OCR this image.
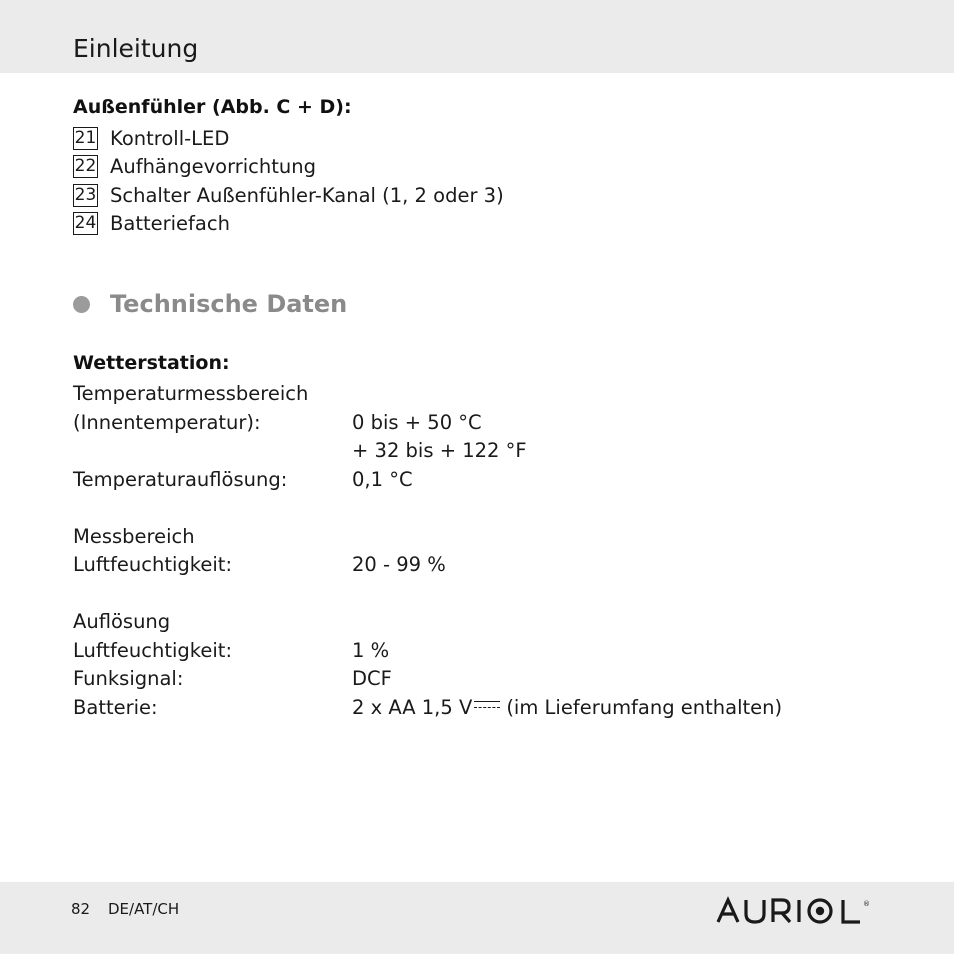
Einleitung
Außenfühler (Abb. C + D):
21 Kontroll-LED
22 Aufhängevorrichtung
23 Schalter Außenfühler-Kanal (1, 2 oder 3)
24 Batteriefach
Technische Daten
Wetterstation:
Temperaturmessbereich
(Innentemperatur):	0 bis + 50 °C
+ 32 bis + 122 °F
Temperaturauflösung:	0,1 °C
Messbereich
Luftfeuchtigkeit:	20 - 99 %
Auflösung
Luftfeuchtigkeit:	1 %
Funksignal:	DCF
Batterie:	2 x AA 1,5 V (im Lieferumfang enthalten)
82 DE/AT/CH	®
